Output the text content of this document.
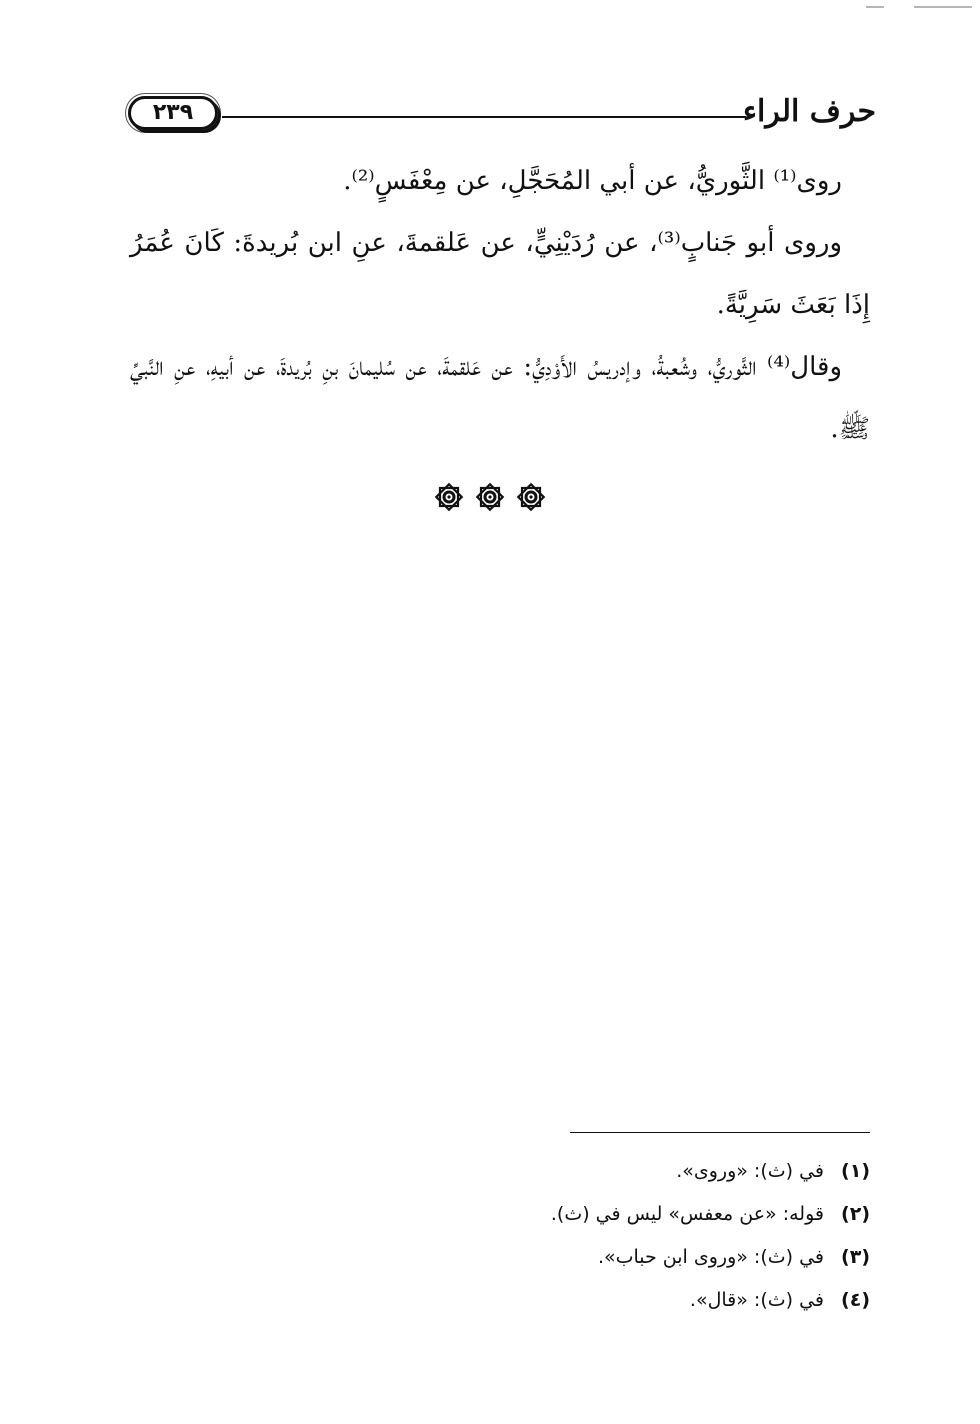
حرف الراء
٢٣٩

روى⁽¹⁾ الثَّوريُّ، عن أبي المُحَجَّلِ، عن مِعْفَسٍ⁽²⁾.

وروى أبو جَنابٍ⁽³⁾، عن رُدَيْنِيٍّ، عن عَلقمةَ، عنِ ابن بُريدةَ: كَانَ عُمَرُ إِذَا بَعَثَ سَرِيَّةً.

وقال⁽⁴⁾ الثَّوريُّ، وشُعبةُ، وإدريسُ الأَوْدِيُّ: عن عَلقمةَ، عن سُليمانَ بنِ بُريدةَ، عن أبيهِ، عنِ النَّبيِّ ﷺ.

(١)
في (ث): «وروى».
(٢)
قوله: «عن معفس» ليس في (ث).
(٣)
في (ث): «وروى ابن حباب».
(٤)
في (ث): «قال».
